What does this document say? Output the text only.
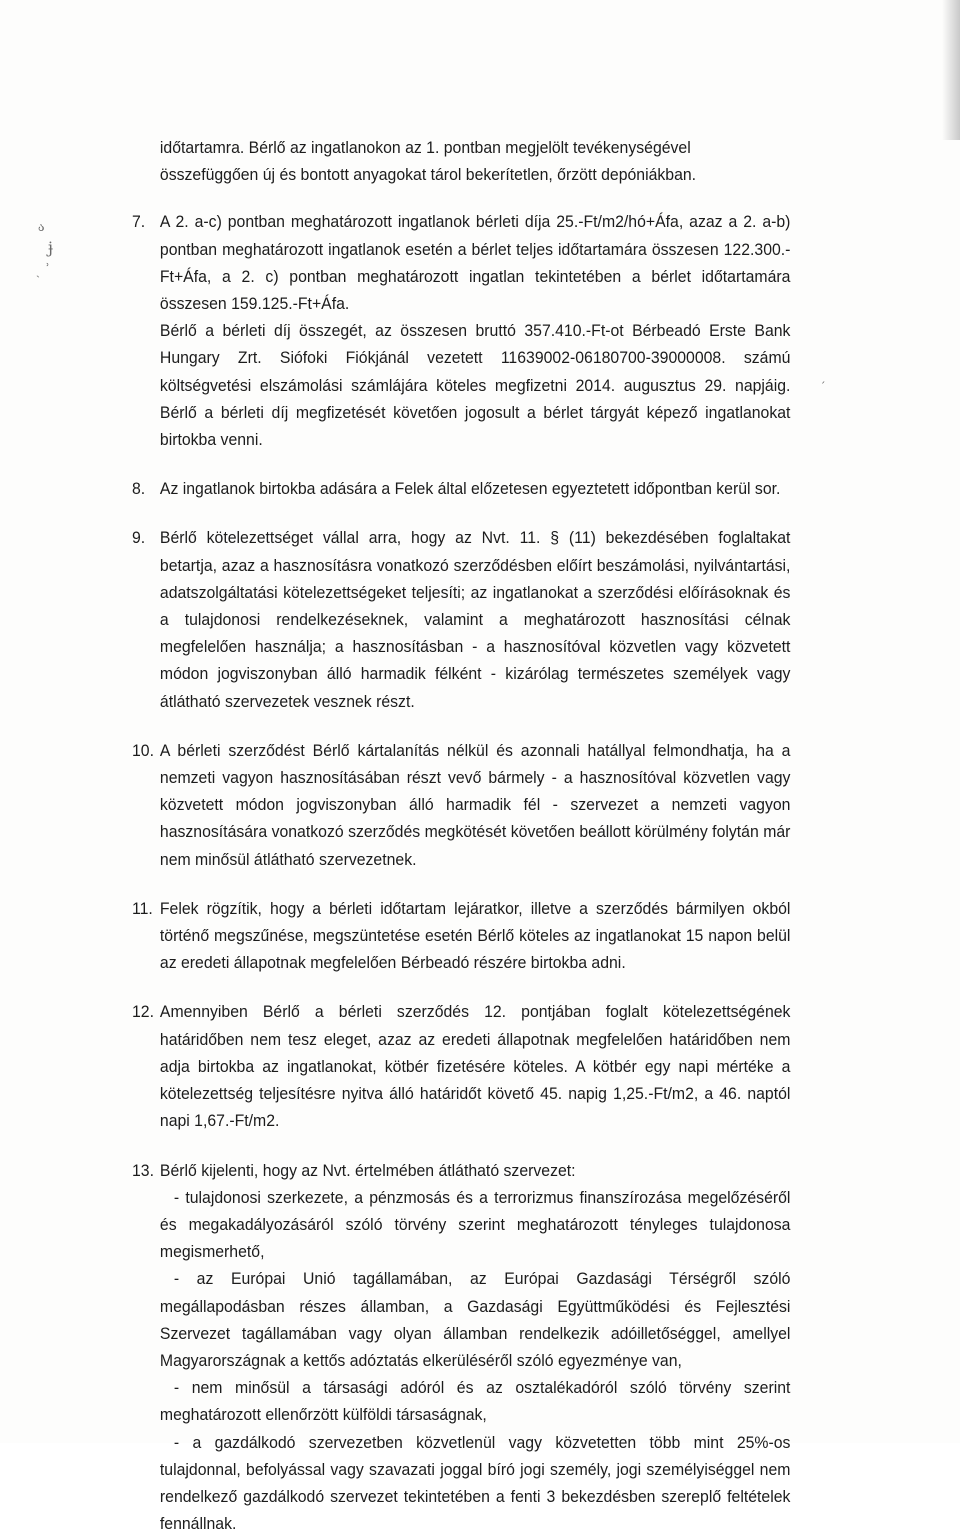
ა
ɉ
ˏ ˒
ˊ

időtartamra. Bérlő az ingatlanokon az 1. pontban megjelölt tevékenységével összefüggően új és bontott anyagokat tárol bekerítetlen, őrzött depóniákban.

7. A 2. a-c) pontban meghatározott ingatlanok bérleti díja 25.-Ft/m2/hó+Áfa, azaz a 2. a-b) pontban meghatározott ingatlanok esetén a bérlet teljes időtartamára összesen 122.300.-Ft+Áfa, a 2. c) pontban meghatározott ingatlan tekintetében a bérlet időtartamára összesen 159.125.-Ft+Áfa.

Bérlő a bérleti díj összegét, az összesen bruttó 357.410.-Ft-ot Bérbeadó Erste Bank Hungary Zrt. Siófoki Fiókjánál vezetett 11639002-06180700-39000008. számú költségvetési elszámolási számlájára köteles megfizetni 2014. augusztus 29. napjáig. Bérlő a bérleti díj megfizetését követően jogosult a bérlet tárgyát képező ingatlanokat birtokba venni.

8. Az ingatlanok birtokba adására a Felek által előzetesen egyeztetett időpontban kerül sor.

9. Bérlő kötelezettséget vállal arra, hogy az Nvt. 11. § (11) bekezdésében foglaltakat betartja, azaz a hasznosításra vonatkozó szerződésben előírt beszámolási, nyilvántartási, adatszolgáltatási kötelezettségeket teljesíti; az ingatlanokat a szerződési előírásoknak és a tulajdonosi rendelkezéseknek, valamint a meghatározott hasznosítási célnak megfelelően használja; a hasznosításban - a hasznosítóval közvetlen vagy közvetett módon jogviszonyban álló harmadik félként - kizárólag természetes személyek vagy átlátható szervezetek vesznek részt.

10. A bérleti szerződést Bérlő kártalanítás nélkül és azonnali hatállyal felmondhatja, ha a nemzeti vagyon hasznosításában részt vevő bármely - a hasznosítóval közvetlen vagy közvetett módon jogviszonyban álló harmadik fél - szervezet a nemzeti vagyon hasznosítására vonatkozó szerződés megkötését követően beállott körülmény folytán már nem minősül átlátható szervezetnek.

11. Felek rögzítik, hogy a bérleti időtartam lejáratkor, illetve a szerződés bármilyen okból történő megszűnése, megszüntetése esetén Bérlő köteles az ingatlanokat 15 napon belül az eredeti állapotnak megfelelően Bérbeadó részére birtokba adni.

12. Amennyiben Bérlő a bérleti szerződés 12. pontjában foglalt kötelezettségének határidőben nem tesz eleget, azaz az eredeti állapotnak megfelelően határidőben nem adja birtokba az ingatlanokat, kötbér fizetésére köteles. A kötbér egy napi mértéke a kötelezettség teljesítésre nyitva álló határidőt követő 45. napig 1,25.-Ft/m2, a 46. naptól napi 1,67.-Ft/m2.

13. Bérlő kijelenti, hogy az Nvt. értelmében átlátható szervezet:

- tulajdonosi szerkezete, a pénzmosás és a terrorizmus finanszírozása megelőzéséről és megakadályozásáról szóló törvény szerint meghatározott tényleges tulajdonosa megismerhető,

- az Európai Unió tagállamában, az Európai Gazdasági Térségről szóló megállapodásban részes államban, a Gazdasági Együttműködési és Fejlesztési Szervezet tagállamában vagy olyan államban rendelkezik adóilletőséggel, amellyel Magyarországnak a kettős adóztatás elkerüléséről szóló egyezménye van,

- nem minősül a társasági adóról és az osztalékadóról szóló törvény szerint meghatározott ellenőrzött külföldi társaságnak,

- a gazdálkodó szervezetben közvetlenül vagy közvetetten több mint 25%-os tulajdonnal, befolyással vagy szavazati joggal bíró jogi személy, jogi személyiséggel nem rendelkező gazdálkodó szervezet tekintetében a fenti 3 bekezdésben szereplő feltételek fennállnak.
